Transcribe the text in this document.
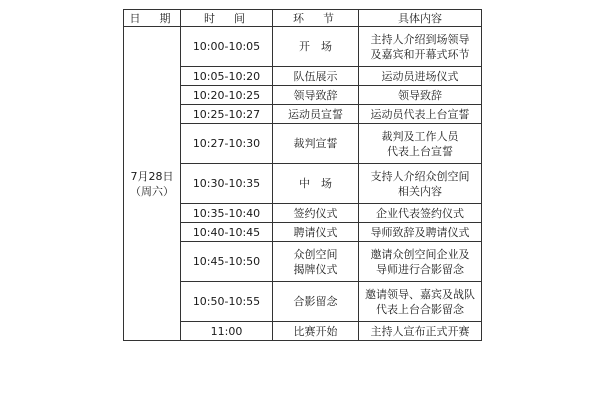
日　期	时　间	环　节	具体内容

7月28日
（周六）	10:00-10:05	开　场	主持人介绍到场领导
及嘉宾和开幕式环节
	10:05-10:20	队伍展示	运动员进场仪式
	10:20-10:25	领导致辞	领导致辞
	10:25-10:27	运动员宣誓	运动员代表上台宣誓
	10:27-10:30	裁判宣誓	裁判及工作人员
代表上台宣誓
	10:30-10:35	中　场	支持人介绍众创空间
相关内容
	10:35-10:40	签约仪式	企业代表签约仪式
	10:40-10:45	聘请仪式	导师致辞及聘请仪式
	10:45-10:50	众创空间
揭牌仪式	邀请众创空间企业及
导师进行合影留念
	10:50-10:55	合影留念	邀请领导、嘉宾及战队
代表上台合影留念
	11:00	比赛开始	主持人宣布正式开赛
